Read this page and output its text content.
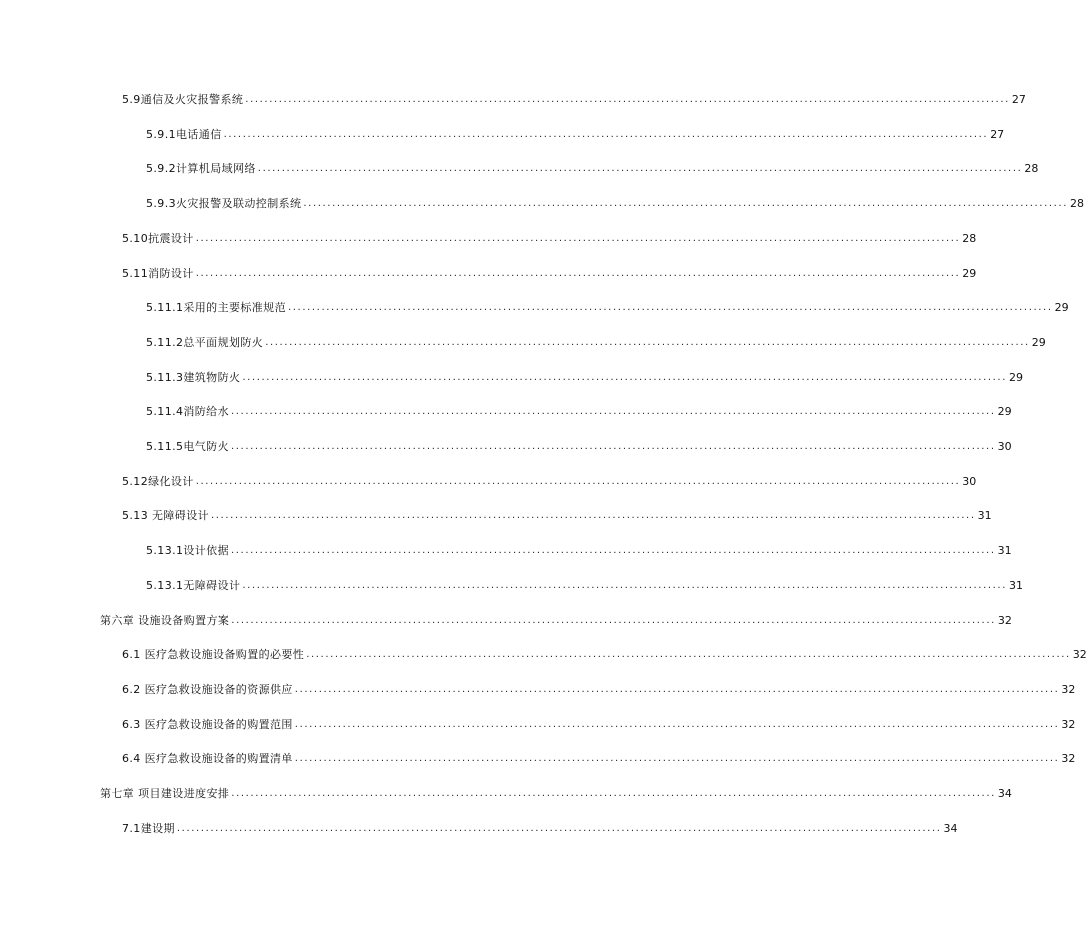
5.9通信及火灾报警系统 ................................................................................................................................................................ 27
5.9.1电话通信 ................................................................................................................................................................ 27
5.9.2计算机局域网络 ................................................................................................................................................................ 28
5.9.3火灾报警及联动控制系统 ................................................................................................................................................................ 28
5.10抗震设计 ................................................................................................................................................................ 28
5.11消防设计 ................................................................................................................................................................ 29
5.11.1采用的主要标准规范 ................................................................................................................................................................ 29
5.11.2总平面规划防火 ................................................................................................................................................................ 29
5.11.3建筑物防火 ................................................................................................................................................................ 29
5.11.4消防给水 ................................................................................................................................................................ 29
5.11.5电气防火 ................................................................................................................................................................ 30
5.12绿化设计 ................................................................................................................................................................ 30
5.13 无障碍设计 ................................................................................................................................................................ 31
5.13.1设计依据 ................................................................................................................................................................ 31
5.13.1无障碍设计 ................................................................................................................................................................ 31
第六章 设施设备购置方案 ................................................................................................................................................................ 32
6.1 医疗急救设施设备购置的必要性 ................................................................................................................................................................ 32
6.2 医疗急救设施设备的资源供应 ................................................................................................................................................................ 32
6.3 医疗急救设施设备的购置范围 ................................................................................................................................................................ 32
6.4 医疗急救设施设备的购置清单 ................................................................................................................................................................ 32
第七章 项目建设进度安排 ................................................................................................................................................................ 34
7.1建设期 ................................................................................................................................................................ 34
